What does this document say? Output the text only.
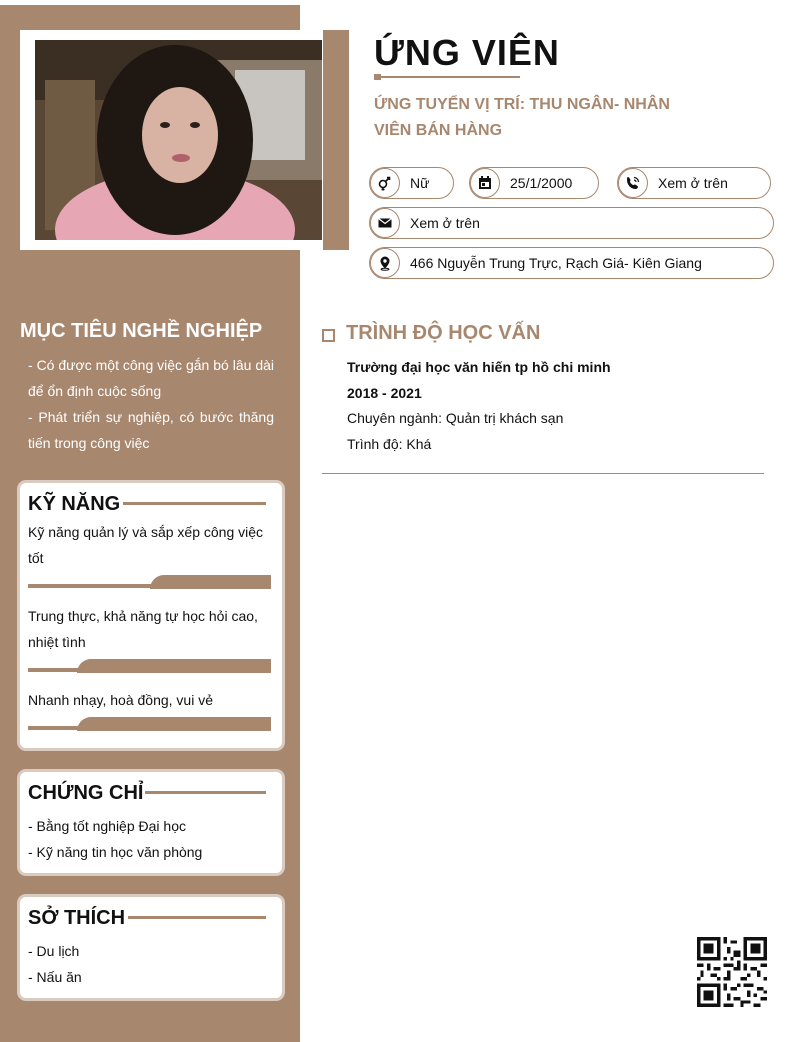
ỨNG VIÊN
ỨNG TUYỂN VỊ TRÍ: THU NGÂN- NHÂN VIÊN BÁN HÀNG
Nữ	25/1/2000	Xem ở trên
Xem ở trên
466 Nguyễn Trung Trực, Rạch Giá- Kiên Giang
MỤC TIÊU NGHỀ NGHIỆP
- Có được một công việc gắn bó lâu dài để ổn định cuộc sống
- Phát triển sự nghiệp, có bước thăng tiến trong công việc
KỸ NĂNG
Kỹ năng quản lý và sắp xếp công việc tốt
Trung thực, khả năng tự học hỏi cao, nhiệt tình
Nhanh nhạy, hoà đồng, vui vẻ
CHỨNG CHỈ
- Bằng tốt nghiệp Đại học
- Kỹ năng tin học văn phòng
SỞ THÍCH
- Du lịch
- Nấu ăn
TRÌNH ĐỘ HỌC VẤN
Trường đại học văn hiến tp hồ chi minh
2018 - 2021
Chuyên ngành: Quản trị khách sạn
Trình độ: Khá
